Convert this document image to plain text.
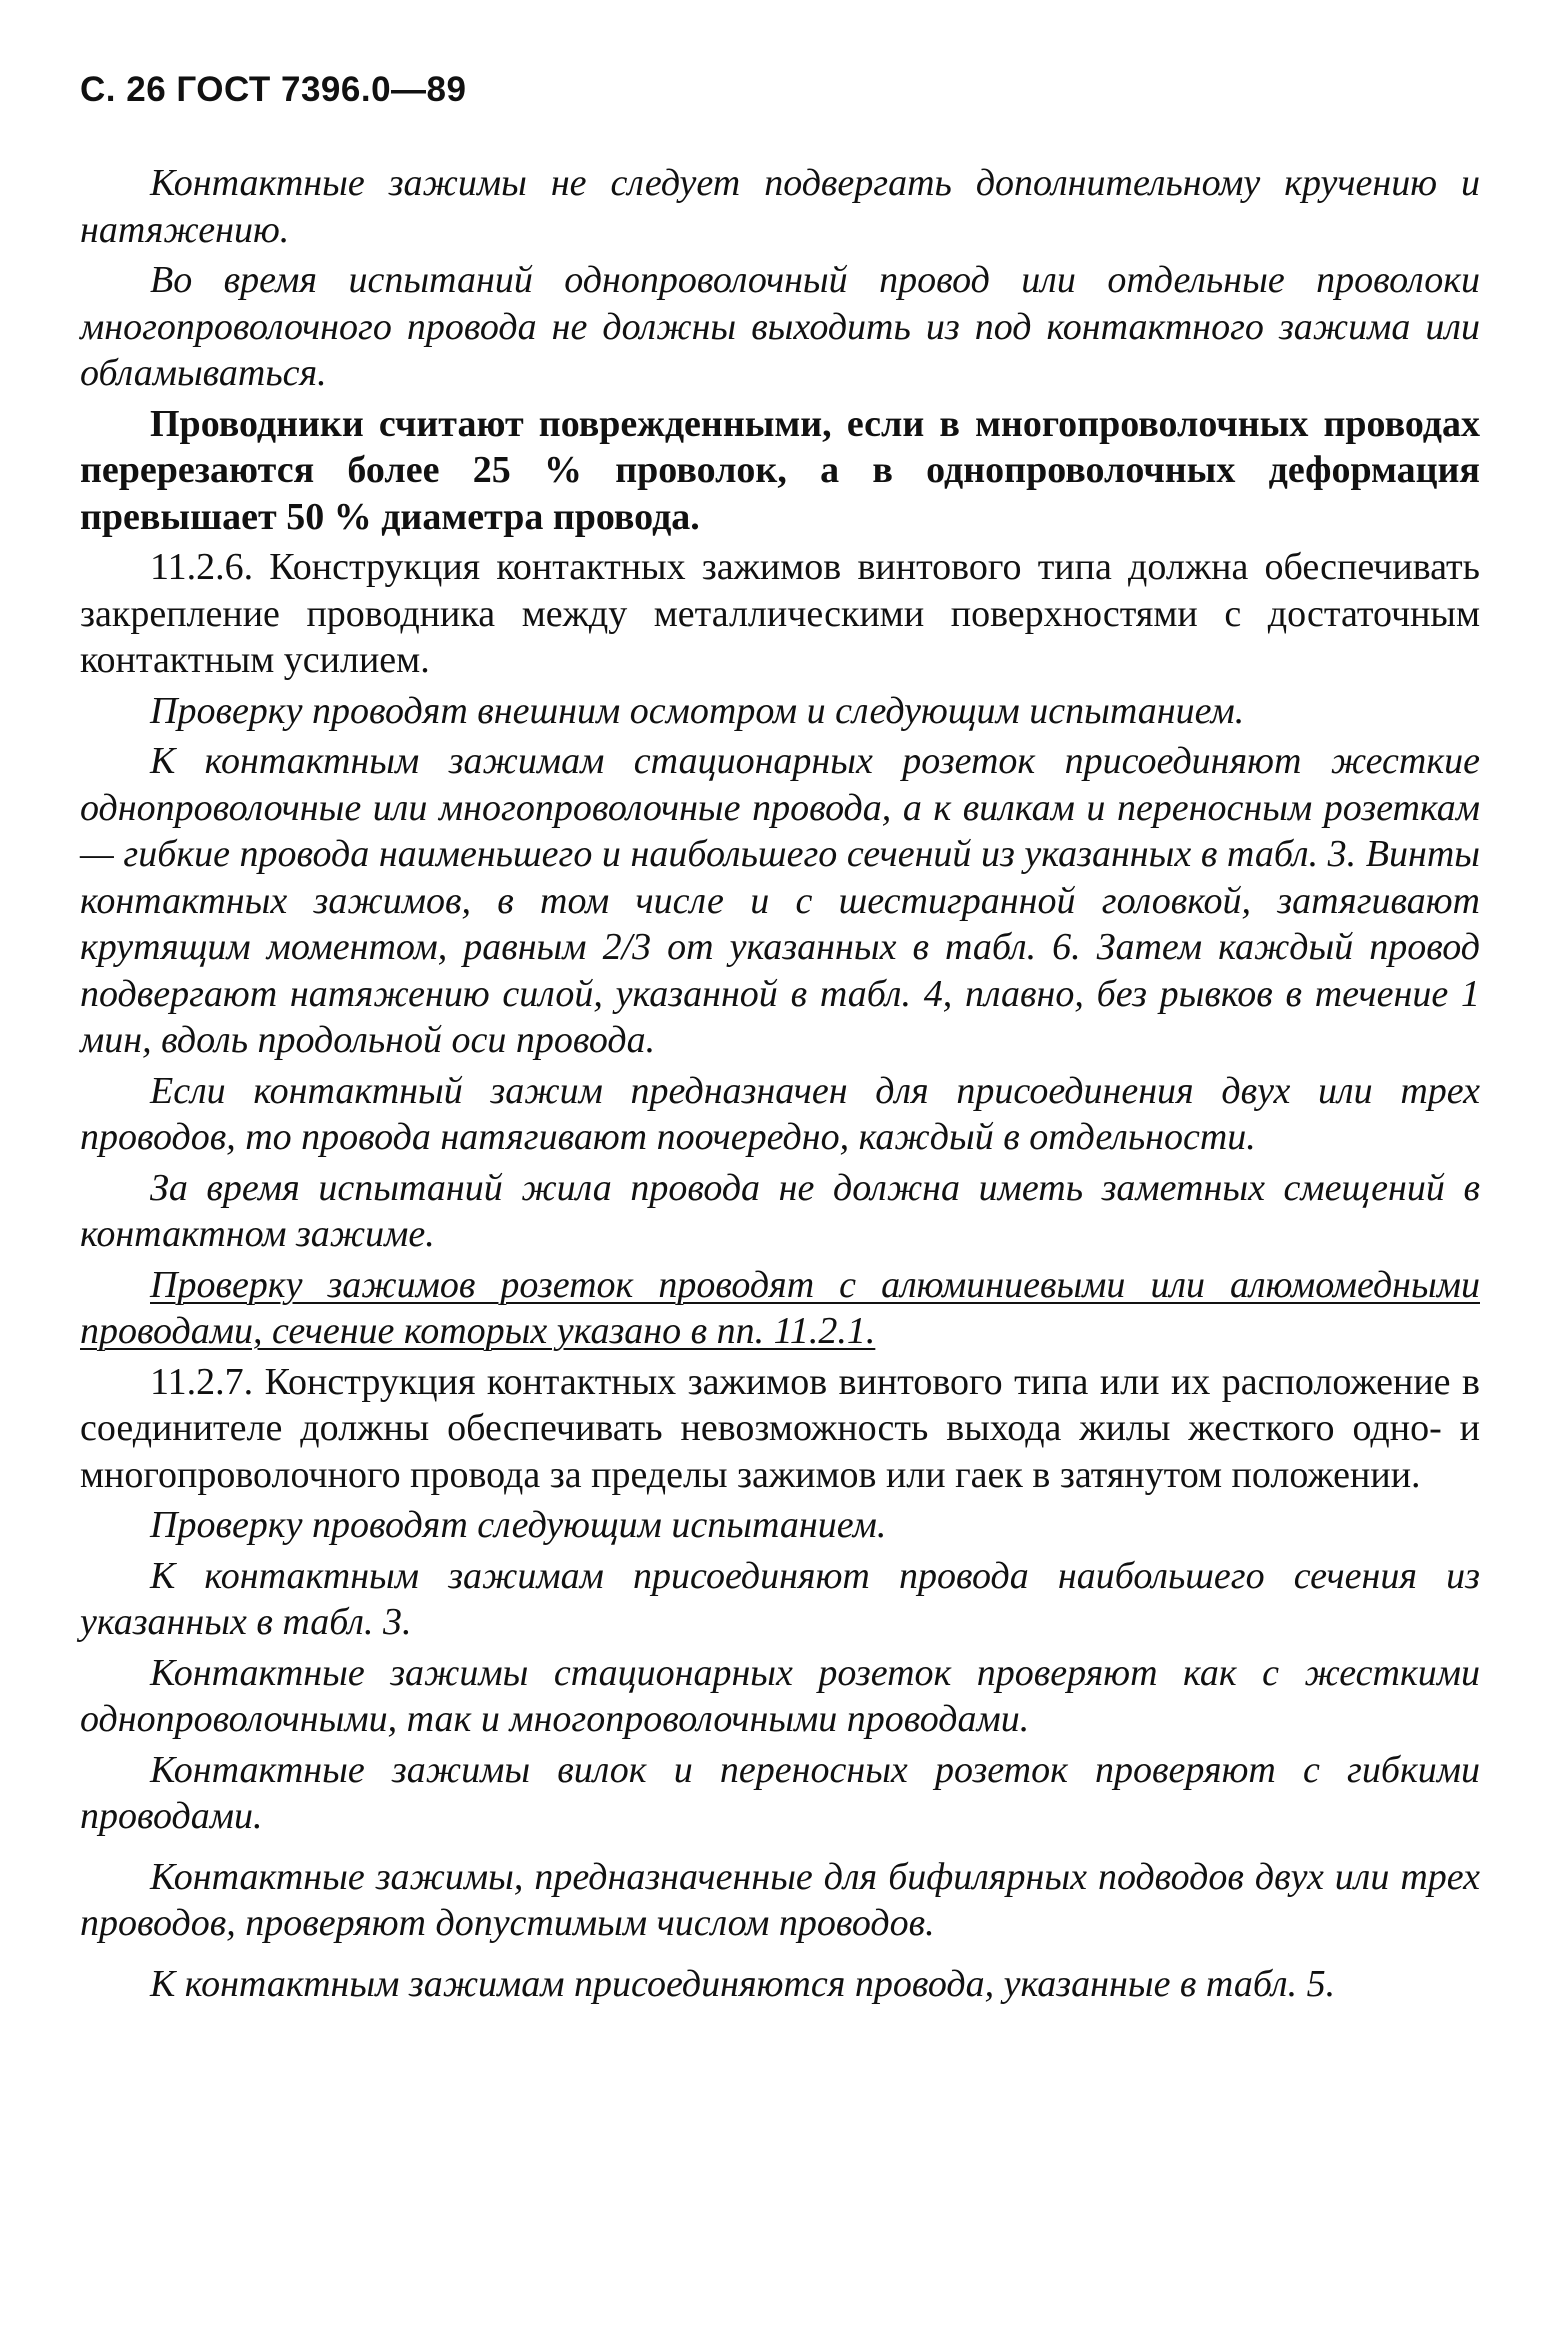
С. 26 ГОСТ 7396.0—89

Контактные зажимы не следует подвергать дополнительному кручению и натяжению.

Во время испытаний однопроволочный провод или отдельные проволоки многопроволочного провода не должны выходить из под контактного зажима или обламываться.

Проводники считают поврежденными, если в многопроволочных проводах перерезаются более 25 % проволок, а в однопроволочных деформация превышает 50 % диаметра провода.

11.2.6. Конструкция контактных зажимов винтового типа должна обеспечивать закрепление проводника между металлическими поверхностями с достаточным контактным усилием.

Проверку проводят внешним осмотром и следующим испытанием.

К контактным зажимам стационарных розеток присоединяют жесткие однопроволочные или многопроволочные провода, а к вилкам и переносным розеткам — гибкие провода наименьшего и наибольшего сечений из указанных в табл. 3. Винты контактных зажимов, в том числе и с шестигранной головкой, затягивают крутящим моментом, равным 2/3 от указанных в табл. 6. Затем каждый провод подвергают натяжению силой, указанной в табл. 4, плавно, без рывков в течение 1 мин, вдоль продольной оси провода.

Если контактный зажим предназначен для присоединения двух или трех проводов, то провода натягивают поочередно, каждый в отдельности.

За время испытаний жила провода не должна иметь заметных смещений в контактном зажиме.

Проверку зажимов розеток проводят с алюминиевыми или алюмомедными проводами, сечение которых указано в пп. 11.2.1.

11.2.7. Конструкция контактных зажимов винтового типа или их расположение в соединителе должны обеспечивать невозможность выхода жилы жесткого одно- и многопроволочного провода за пределы зажимов или гаек в затянутом положении.

Проверку проводят следующим испытанием.

К контактным зажимам присоединяют провода наибольшего сечения из указанных в табл. 3.

Контактные зажимы стационарных розеток проверяют как с жесткими однопроволочными, так и многопроволочными проводами.

Контактные зажимы вилок и переносных розеток проверяют с гибкими проводами.

Контактные зажимы, предназначенные для бифилярных подводов двух или трех проводов, проверяют допустимым числом проводов.

К контактным зажимам присоединяются провода, указанные в табл. 5.
